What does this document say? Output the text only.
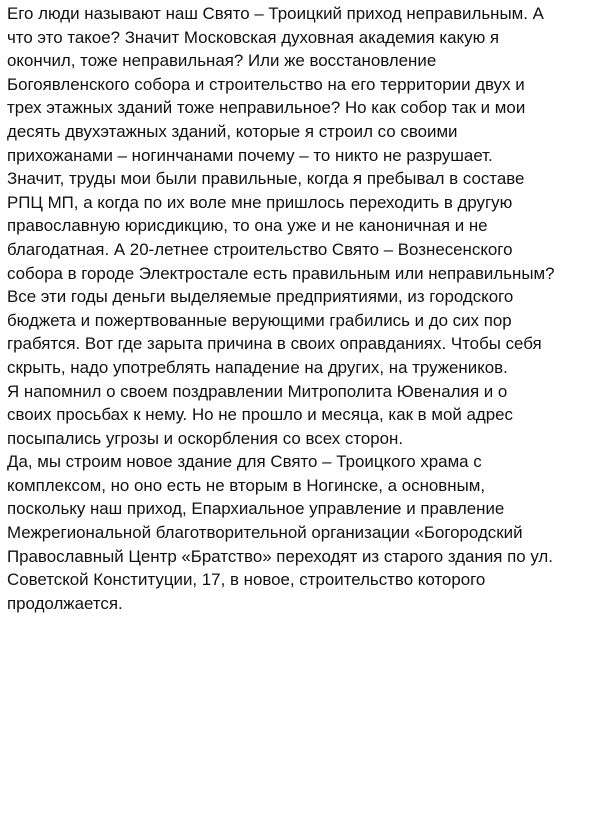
Его люди называют наш Свято – Троицкий приход неправильным. А
что это такое? Значит Московская духовная академия какую я
окончил, тоже неправильная? Или же восстановление
Богоявленского собора и строительство на его территории двух и
трех этажных зданий тоже неправильное? Но как собор так и мои
десять двухэтажных зданий, которые я строил со своими
прихожанами – ногинчанами почему – то никто не разрушает.
Значит, труды мои были правильные, когда я пребывал в составе
РПЦ МП, а когда по их воле мне пришлось переходить в другую
православную юрисдикцию, то она уже и не каноничная и не
благодатная. А 20-летнее строительство Свято – Вознесенского
собора в городе Электростале есть правильным или неправильным?
Все эти годы деньги выделяемые предприятиями, из городского
бюджета и пожертвованные верующими грабились и до сих пор
грабятся. Вот где зарыта причина в своих оправданиях. Чтобы себя
скрыть, надо употреблять нападение на других, на тружеников.
Я напомнил о своем поздравлении Митрополита Ювеналия и о
своих просьбах к нему. Но не прошло и месяца, как в мой адрес
посыпались угрозы и оскорбления со всех сторон.
Да, мы строим новое здание для Свято – Троицкого храма с
комплексом, но оно есть не вторым в Ногинске, а основным,
поскольку наш приход, Епархиальное управление и правление
Межрегиональной благотворительной организации «Богородский
Православный Центр «Братство» переходят из старого здания по ул.
Советской Конституции, 17, в новое, строительство которого
продолжается.
